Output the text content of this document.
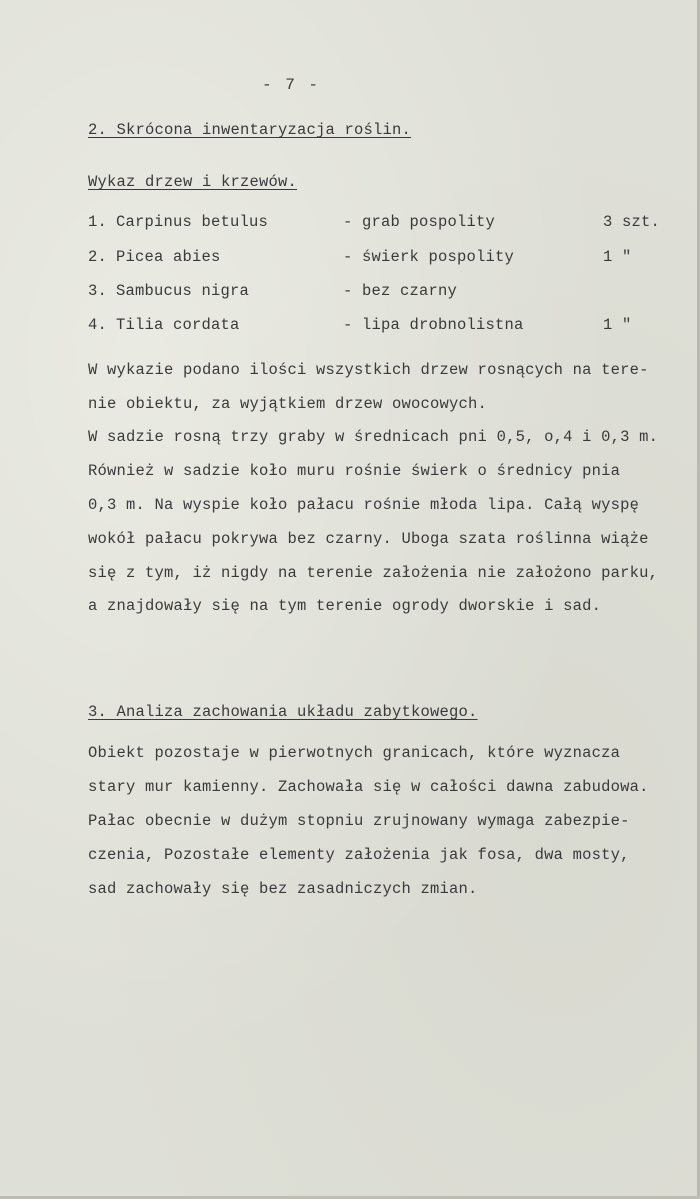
- 7 -
2. Skrócona inwentaryzacja roślin.
Wykaz drzew i krzewów.
1. Carpinus betulus	- grab pospolity	3 szt.
2. Picea abies	- świerk pospolity	1 "
3. Sambucus nigra	- bez czarny
4. Tilia cordata	- lipa drobnolistna	1 "
W wykazie podano ilości wszystkich drzew rosnących na tere-
nie obiektu, za wyjątkiem drzew owocowych.
W sadzie rosną trzy graby w średnicach pni 0,5, o,4 i 0,3 m.
Również w sadzie koło muru rośnie świerk o średnicy pnia
0,3 m. Na wyspie koło pałacu rośnie młoda lipa. Całą wyspę
wokół pałacu pokrywa bez czarny. Uboga szata roślinna wiąże
się z tym, iż nigdy na terenie założenia nie założono parku,
a znajdowały się na tym terenie ogrody dworskie i sad.
3. Analiza zachowania układu zabytkowego.
Obiekt pozostaje w pierwotnych granicach, które wyznacza
stary mur kamienny. Zachowała się w całości dawna zabudowa.
Pałac obecnie w dużym stopniu zrujnowany wymaga zabezpie-
czenia, Pozostałe elementy założenia jak fosa, dwa mosty,
sad zachowały się bez zasadniczych zmian.
